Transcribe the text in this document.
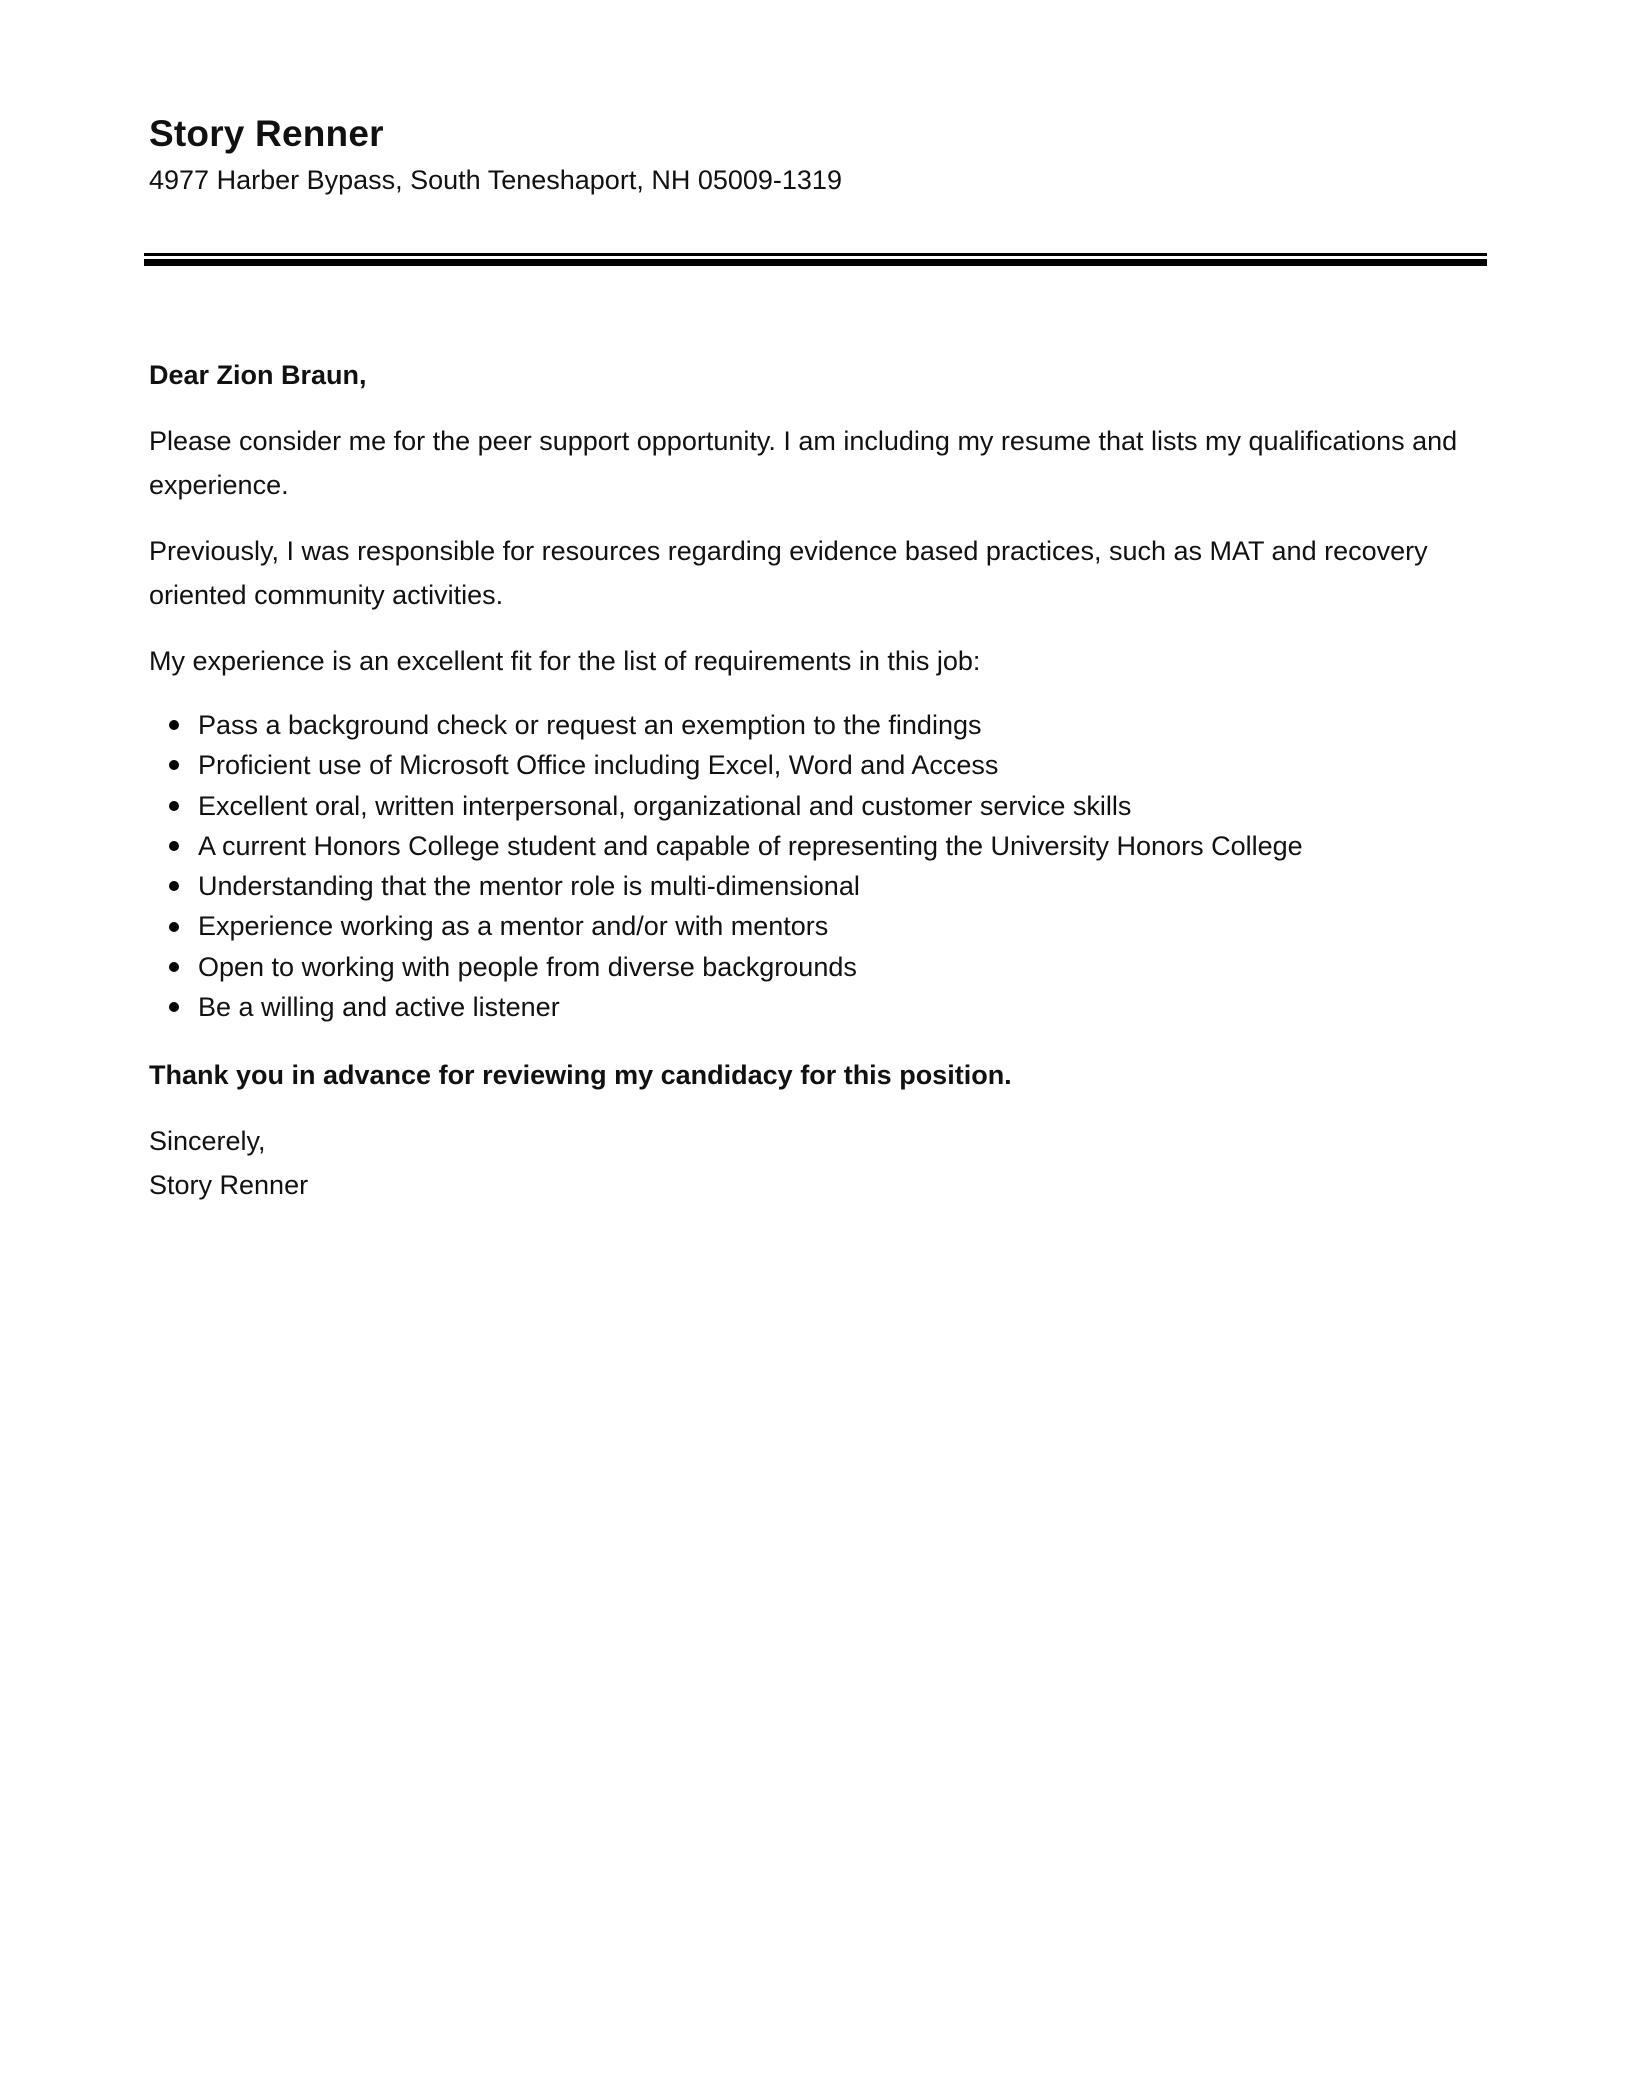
Story Renner
4977 Harber Bypass, South Teneshaport, NH 05009-1319

Dear Zion Braun,

Please consider me for the peer support opportunity. I am including my resume that lists my qualifications and experience.

Previously, I was responsible for resources regarding evidence based practices, such as MAT and recovery oriented community activities.

My experience is an excellent fit for the list of requirements in this job:

Pass a background check or request an exemption to the findings
Proficient use of Microsoft Office including Excel, Word and Access
Excellent oral, written interpersonal, organizational and customer service skills
A current Honors College student and capable of representing the University Honors College
Understanding that the mentor role is multi-dimensional
Experience working as a mentor and/or with mentors
Open to working with people from diverse backgrounds
Be a willing and active listener

Thank you in advance for reviewing my candidacy for this position.

Sincerely,
Story Renner
